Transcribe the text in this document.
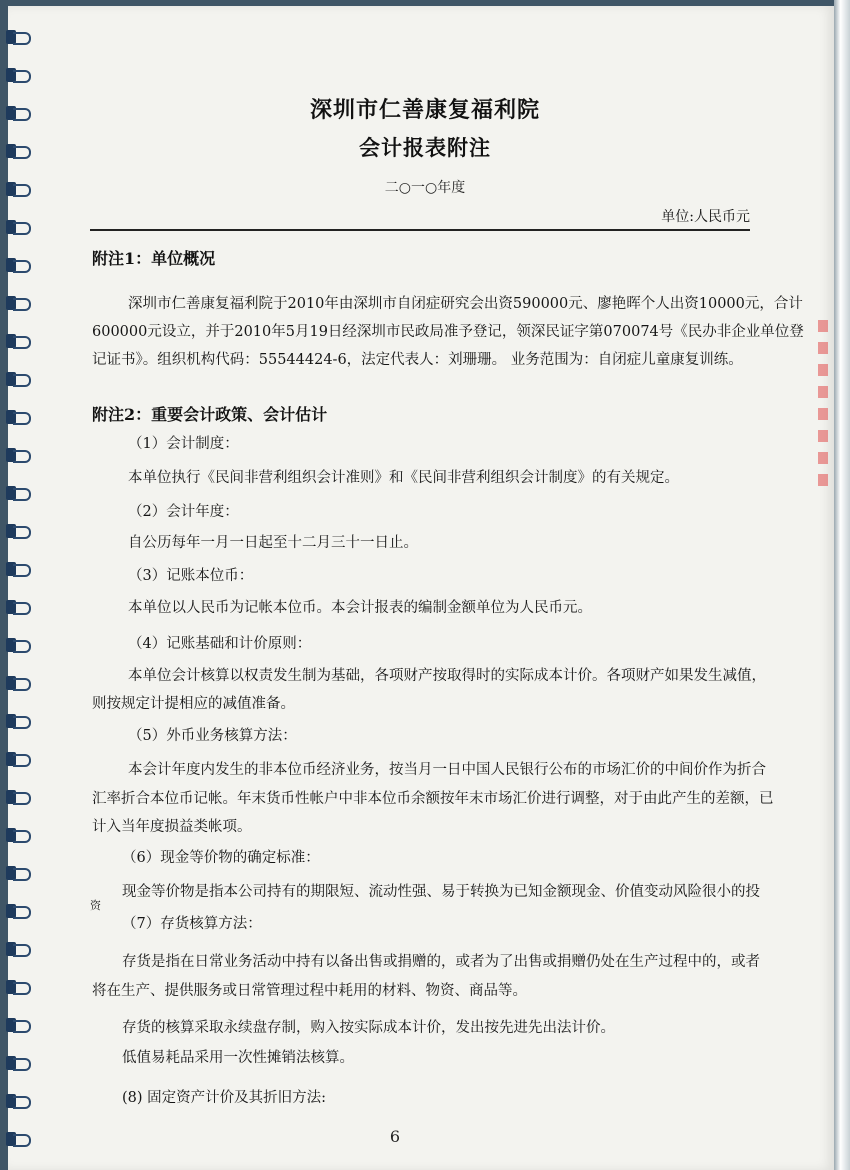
深圳市仁善康复福利院
会计报表附注
二○一○年度
单位:人民币元
附注1：单位概况
深圳市仁善康复福利院于2010年由深圳市自闭症研究会出资590000元、廖艳晖个人出资10000元，合计
600000元设立，并于2010年5月19日经深圳市民政局准予登记，领深民证字第070074号《民办非企业单位登
记证书》。组织机构代码：55544424-6，法定代表人：刘珊珊。 业务范围为：自闭症儿童康复训练。
附注2：重要会计政策、会计估计
（1）会计制度：
本单位执行《民间非营利组织会计准则》和《民间非营利组织会计制度》的有关规定。
（2）会计年度：
自公历每年一月一日起至十二月三十一日止。
（3）记账本位币：
本单位以人民币为记帐本位币。本会计报表的编制金额单位为人民币元。
（4）记账基础和计价原则：
本单位会计核算以权责发生制为基础，各项财产按取得时的实际成本计价。各项财产如果发生减值，
则按规定计提相应的减值准备。
（5）外币业务核算方法：
本会计年度内发生的非本位币经济业务，按当月一日中国人民银行公布的市场汇价的中间价作为折合
汇率折合本位币记帐。年末货币性帐户中非本位币余额按年末市场汇价进行调整，对于由此产生的差额，已
计入当年度损益类帐项。
（6）现金等价物的确定标准：
现金等价物是指本公司持有的期限短、流动性强、易于转换为已知金额现金、价值变动风险很小的投
资
（7）存货核算方法：
存货是指在日常业务活动中持有以备出售或捐赠的，或者为了出售或捐赠仍处在生产过程中的，或者
将在生产、提供服务或日常管理过程中耗用的材料、物资、商品等。
存货的核算采取永续盘存制，购入按实际成本计价，发出按先进先出法计价。
低值易耗品采用一次性摊销法核算。
(8) 固定资产计价及其折旧方法:
6
